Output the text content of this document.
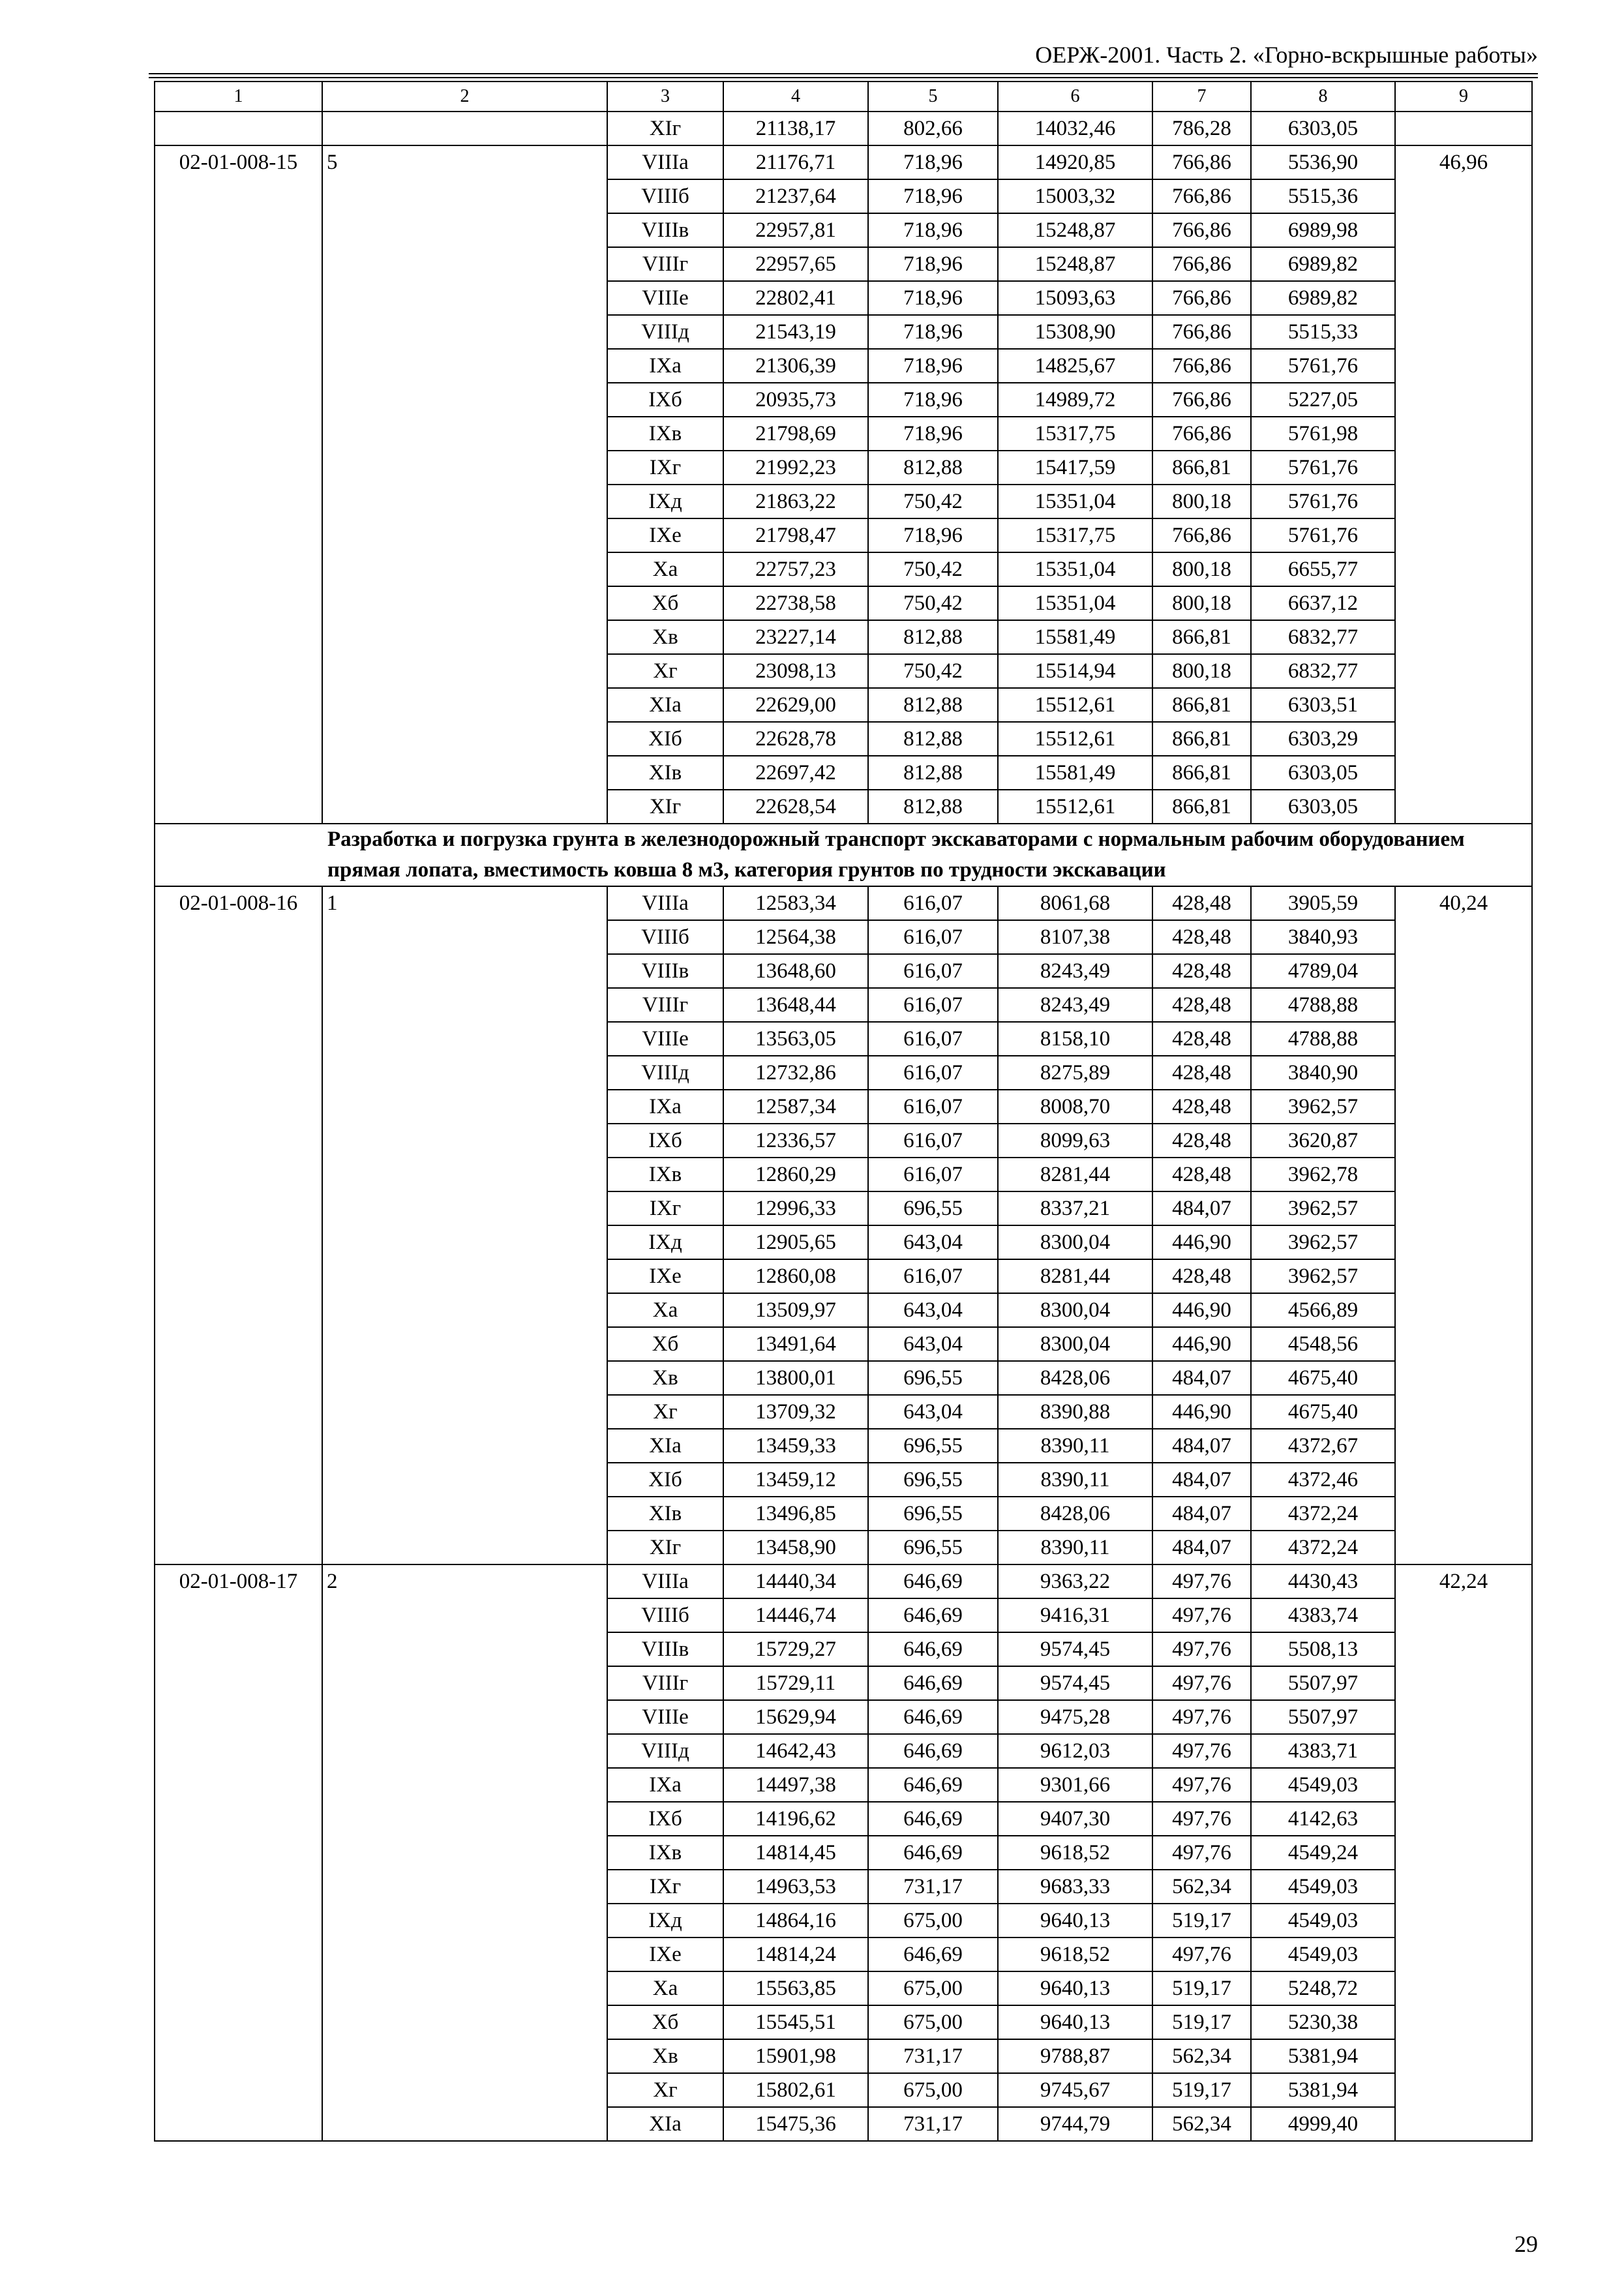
ОЕРЖ-2001. Часть 2. «Горно-вскрышные работы»
1	2	3	4	5	6	7	8	9
		XIг	21138,17	802,66	14032,46	786,28	6303,05	
02-01-008-15	5	VIIIа	21176,71	718,96	14920,85	766,86	5536,90	46,96
		VIIIб	21237,64	718,96	15003,32	766,86	5515,36	
		VIIIв	22957,81	718,96	15248,87	766,86	6989,98	
		VIIIг	22957,65	718,96	15248,87	766,86	6989,82	
		VIIIе	22802,41	718,96	15093,63	766,86	6989,82	
		VIIIд	21543,19	718,96	15308,90	766,86	5515,33	
		IXа	21306,39	718,96	14825,67	766,86	5761,76	
		IXб	20935,73	718,96	14989,72	766,86	5227,05	
		IXв	21798,69	718,96	15317,75	766,86	5761,98	
		IXг	21992,23	812,88	15417,59	866,81	5761,76	
		IXд	21863,22	750,42	15351,04	800,18	5761,76	
		IXе	21798,47	718,96	15317,75	766,86	5761,76	
		Xа	22757,23	750,42	15351,04	800,18	6655,77	
		Xб	22738,58	750,42	15351,04	800,18	6637,12	
		Xв	23227,14	812,88	15581,49	866,81	6832,77	
		Xг	23098,13	750,42	15514,94	800,18	6832,77	
		XIа	22629,00	812,88	15512,61	866,81	6303,51	
		XIб	22628,78	812,88	15512,61	866,81	6303,29	
		XIв	22697,42	812,88	15581,49	866,81	6303,05	
		XIг	22628,54	812,88	15512,61	866,81	6303,05	
	Разработка и погрузка грунта в железнодорожный транспорт экскаваторами с нормальным рабочим оборудованием прямая лопата, вместимость ковша 8 м3, категория грунтов по трудности экскавации							
02-01-008-16	1	VIIIа	12583,34	616,07	8061,68	428,48	3905,59	40,24
		VIIIб	12564,38	616,07	8107,38	428,48	3840,93	
		VIIIв	13648,60	616,07	8243,49	428,48	4789,04	
		VIIIг	13648,44	616,07	8243,49	428,48	4788,88	
		VIIIе	13563,05	616,07	8158,10	428,48	4788,88	
		VIIIд	12732,86	616,07	8275,89	428,48	3840,90	
		IXа	12587,34	616,07	8008,70	428,48	3962,57	
		IXб	12336,57	616,07	8099,63	428,48	3620,87	
		IXв	12860,29	616,07	8281,44	428,48	3962,78	
		IXг	12996,33	696,55	8337,21	484,07	3962,57	
		IXд	12905,65	643,04	8300,04	446,90	3962,57	
		IXе	12860,08	616,07	8281,44	428,48	3962,57	
		Xа	13509,97	643,04	8300,04	446,90	4566,89	
		Xб	13491,64	643,04	8300,04	446,90	4548,56	
		Xв	13800,01	696,55	8428,06	484,07	4675,40	
		Xг	13709,32	643,04	8390,88	446,90	4675,40	
		XIа	13459,33	696,55	8390,11	484,07	4372,67	
		XIб	13459,12	696,55	8390,11	484,07	4372,46	
		XIв	13496,85	696,55	8428,06	484,07	4372,24	
		XIг	13458,90	696,55	8390,11	484,07	4372,24	
02-01-008-17	2	VIIIа	14440,34	646,69	9363,22	497,76	4430,43	42,24
		VIIIб	14446,74	646,69	9416,31	497,76	4383,74	
		VIIIв	15729,27	646,69	9574,45	497,76	5508,13	
		VIIIг	15729,11	646,69	9574,45	497,76	5507,97	
		VIIIе	15629,94	646,69	9475,28	497,76	5507,97	
		VIIIд	14642,43	646,69	9612,03	497,76	4383,71	
		IXа	14497,38	646,69	9301,66	497,76	4549,03	
		IXб	14196,62	646,69	9407,30	497,76	4142,63	
		IXв	14814,45	646,69	9618,52	497,76	4549,24	
		IXг	14963,53	731,17	9683,33	562,34	4549,03	
		IXд	14864,16	675,00	9640,13	519,17	4549,03	
		IXе	14814,24	646,69	9618,52	497,76	4549,03	
		Xа	15563,85	675,00	9640,13	519,17	5248,72	
		Xб	15545,51	675,00	9640,13	519,17	5230,38	
		Xв	15901,98	731,17	9788,87	562,34	5381,94	
		Xг	15802,61	675,00	9745,67	519,17	5381,94	
		XIа	15475,36	731,17	9744,79	562,34	4999,40	
29
